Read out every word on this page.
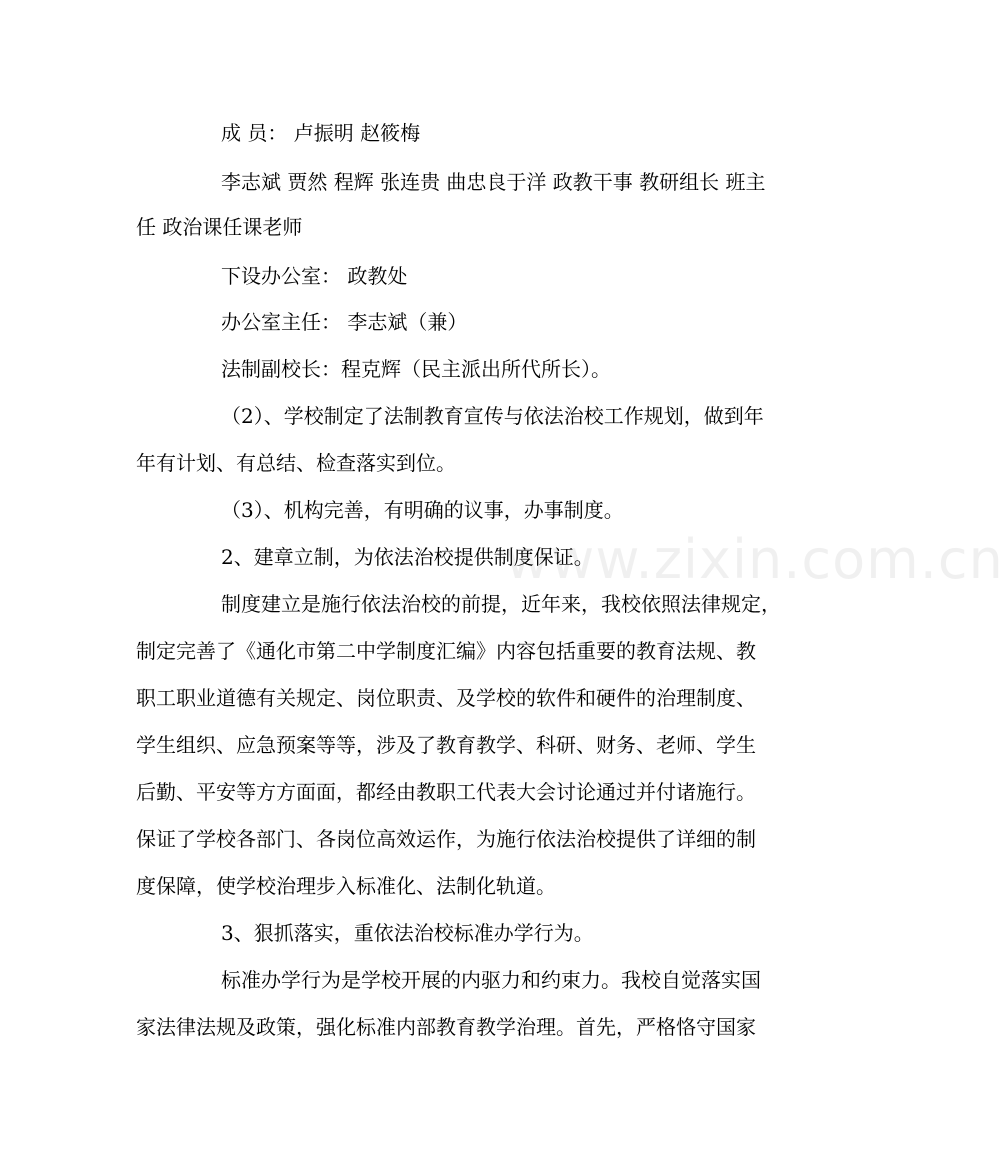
www.zixin.com.cn
成 员： 卢振明 赵筱梅
李志斌 贾然 程辉 张连贵 曲忠良于洋 政教干事 教研组长 班主
任 政治课任课老师
下设办公室： 政教处
办公室主任： 李志斌（兼）
法制副校长：程克辉（民主派出所代所长）。
（2）、学校制定了法制教育宣传与依法治校工作规划，做到年
年有计划、有总结、检查落实到位。
（3）、机构完善，有明确的议事，办事制度。
2、建章立制，为依法治校提供制度保证。
制度建立是施行依法治校的前提，近年来，我校依照法律规定，
制定完善了《通化市第二中学制度汇编》内容包括重要的教育法规、教
职工职业道德有关规定、岗位职责、及学校的软件和硬件的治理制度、
学生组织、应急预案等等，涉及了教育教学、科研、财务、老师、学生
后勤、平安等方方面面，都经由教职工代表大会讨论通过并付诸施行。
保证了学校各部门、各岗位高效运作，为施行依法治校提供了详细的制
度保障，使学校治理步入标准化、法制化轨道。
3、狠抓落实，重依法治校标准办学行为。
标准办学行为是学校开展的内驱力和约束力。我校自觉落实国
家法律法规及政策，强化标准内部教育教学治理。首先，严格恪守国家
